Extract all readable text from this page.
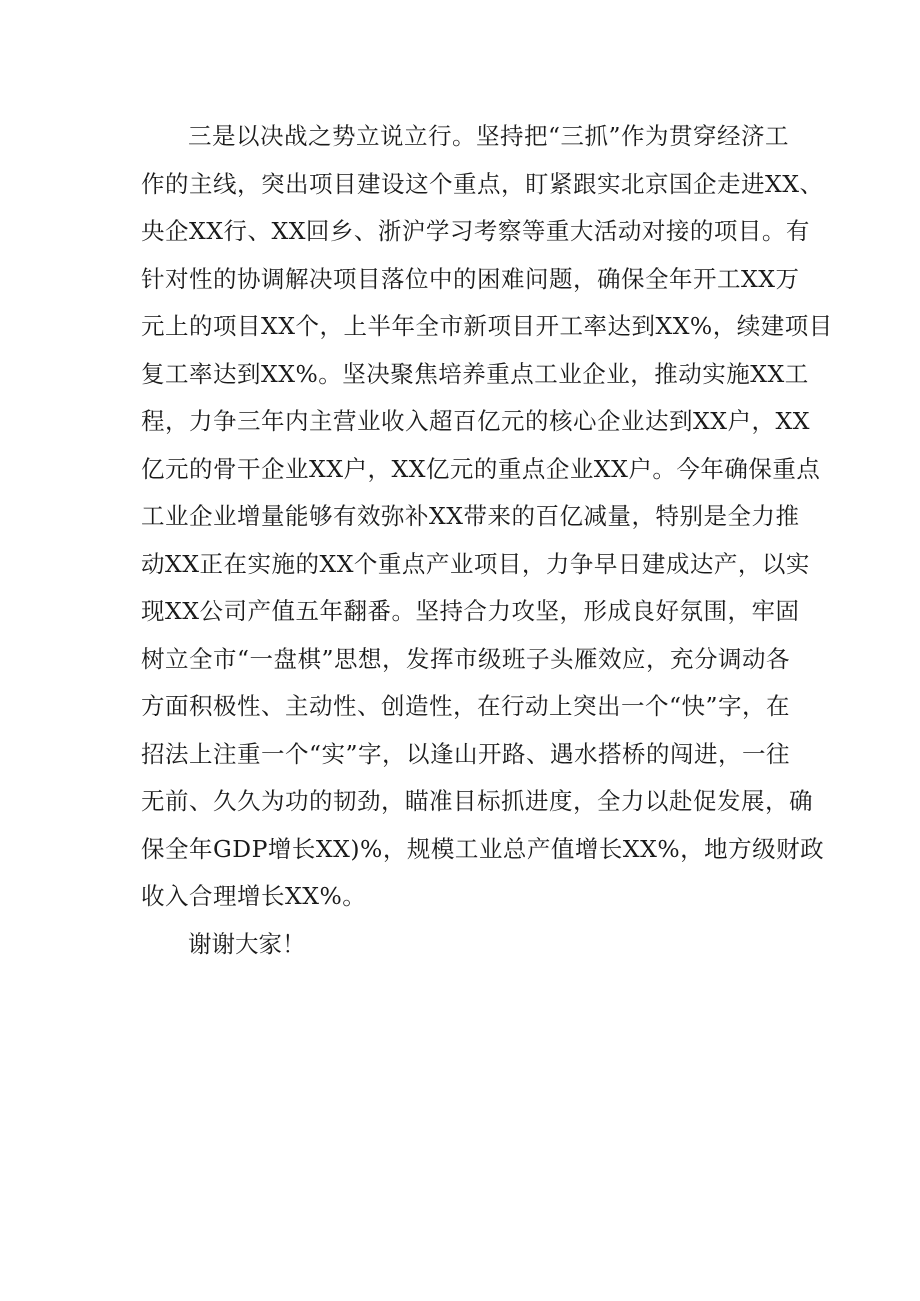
三是以决战之势立说立行。坚持把“三抓”作为贯穿经济工
作的主线，突出项目建设这个重点，盯紧跟实北京国企走进XX、
央企XX行、XX回乡、浙沪学习考察等重大活动对接的项目。有
针对性的协调解决项目落位中的困难问题，确保全年开工XX万
元上的项目XX个，上半年全市新项目开工率达到XX%，续建项目
复工率达到XX%。坚决聚焦培养重点工业企业，推动实施XX工
程，力争三年内主营业收入超百亿元的核心企业达到XX户，XX
亿元的骨干企业XX户，XX亿元的重点企业XX户。今年确保重点
工业企业增量能够有效弥补XX带来的百亿减量，特别是全力推
动XX正在实施的XX个重点产业项目，力争早日建成达产，以实
现XX公司产值五年翻番。坚持合力攻坚，形成良好氛围，牢固
树立全市“一盘棋”思想，发挥市级班子头雁效应，充分调动各
方面积极性、主动性、创造性，在行动上突出一个“快”字，在
招法上注重一个“实”字，以逢山开路、遇水搭桥的闯进，一往
无前、久久为功的韧劲，瞄准目标抓进度，全力以赴促发展，确
保全年GDP增长XX)%，规模工业总产值增长XX%，地方级财政
收入合理增长XX%。

谢谢大家！
